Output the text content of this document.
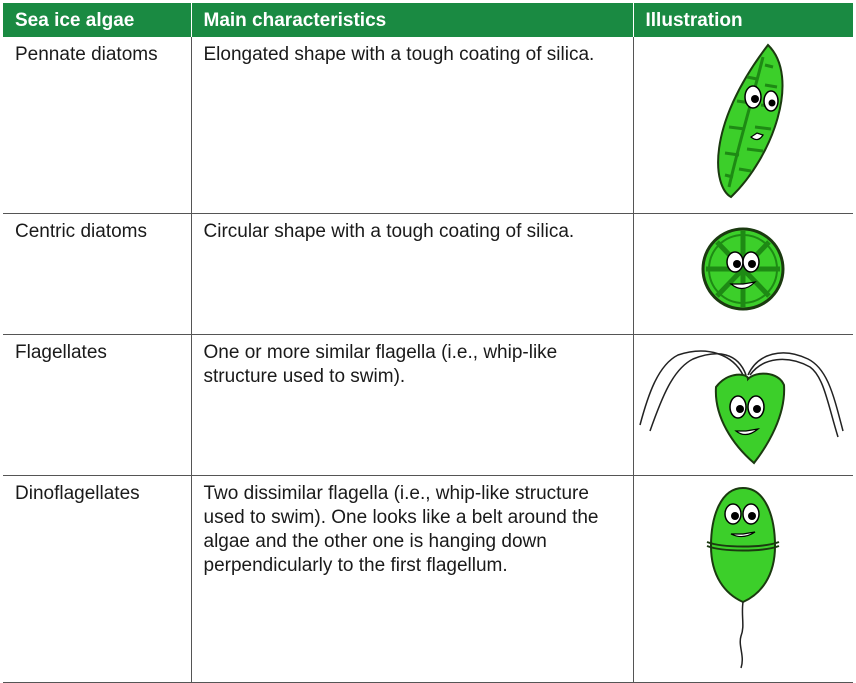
Sea ice algae	Main characteristics	Illustration
Pennate diatoms	Elongated shape with a tough coating of silica.	

Centric diatoms	Circular shape with a tough coating of silica.	

Flagellates	One or more similar flagella (i.e., whip-like structure used to swim).	

Dinoflagellates	Two dissimilar flagella (i.e., whip-like structure used to swim). One looks like a belt around the algae and the other one is hanging down perpendicularly to the first flagellum.	
